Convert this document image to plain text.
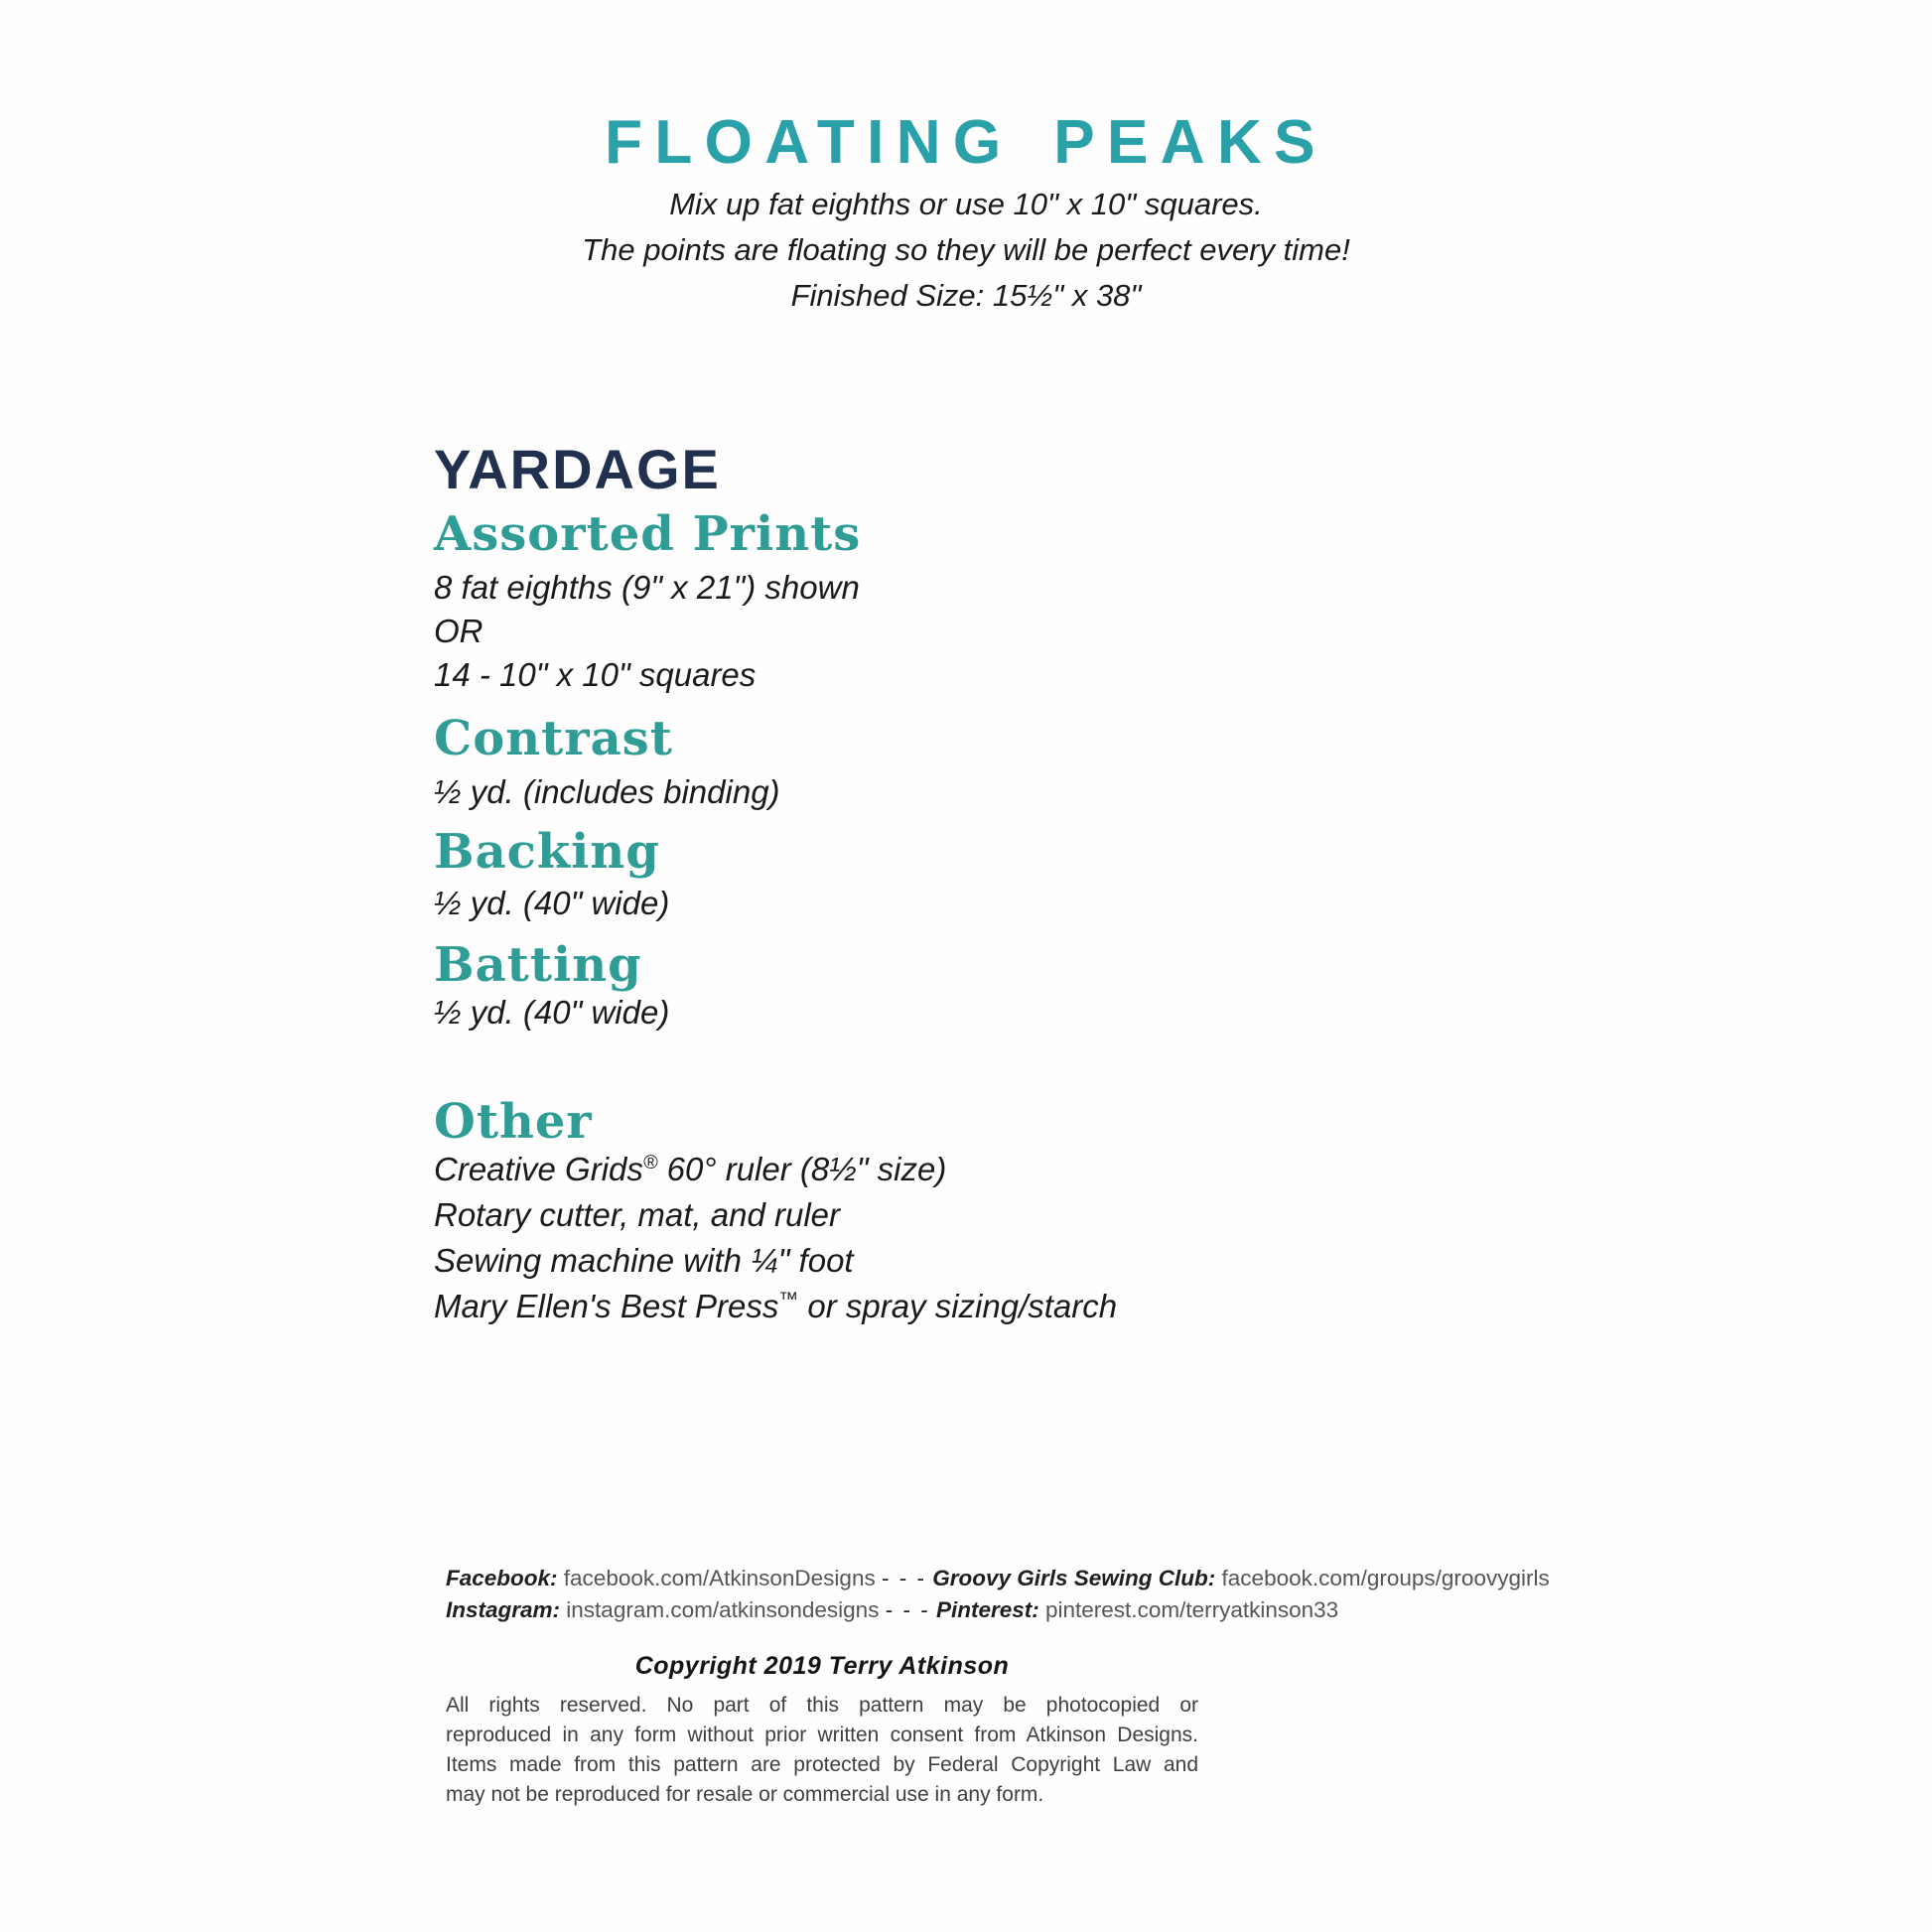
FLOATING PEAKS
Mix up fat eighths or use 10" x 10" squares.
The points are floating so they will be perfect every time!
Finished Size: 15½" x 38"
YARDAGE
Assorted Prints
8 fat eighths (9" x 21") shown
OR
14 - 10" x 10" squares
Contrast
½ yd. (includes binding)
Backing
½ yd. (40" wide)
Batting
½ yd. (40" wide)
Other
Creative Grids® 60° ruler (8½" size)
Rotary cutter, mat, and ruler
Sewing machine with ¼" foot
Mary Ellen's Best Press™ or spray sizing/starch
Facebook: facebook.com/AtkinsonDesigns - - - Groovy Girls Sewing Club: facebook.com/groups/groovygirls
Instagram: instagram.com/atkinsondesigns - - - Pinterest: pinterest.com/terryatkinson33
Copyright 2019 Terry Atkinson
All rights reserved. No part of this pattern may be photocopied or
reproduced in any form without prior written consent from Atkinson Designs.
Items made from this pattern are protected by Federal Copyright Law and
may not be reproduced for resale or commercial use in any form.
